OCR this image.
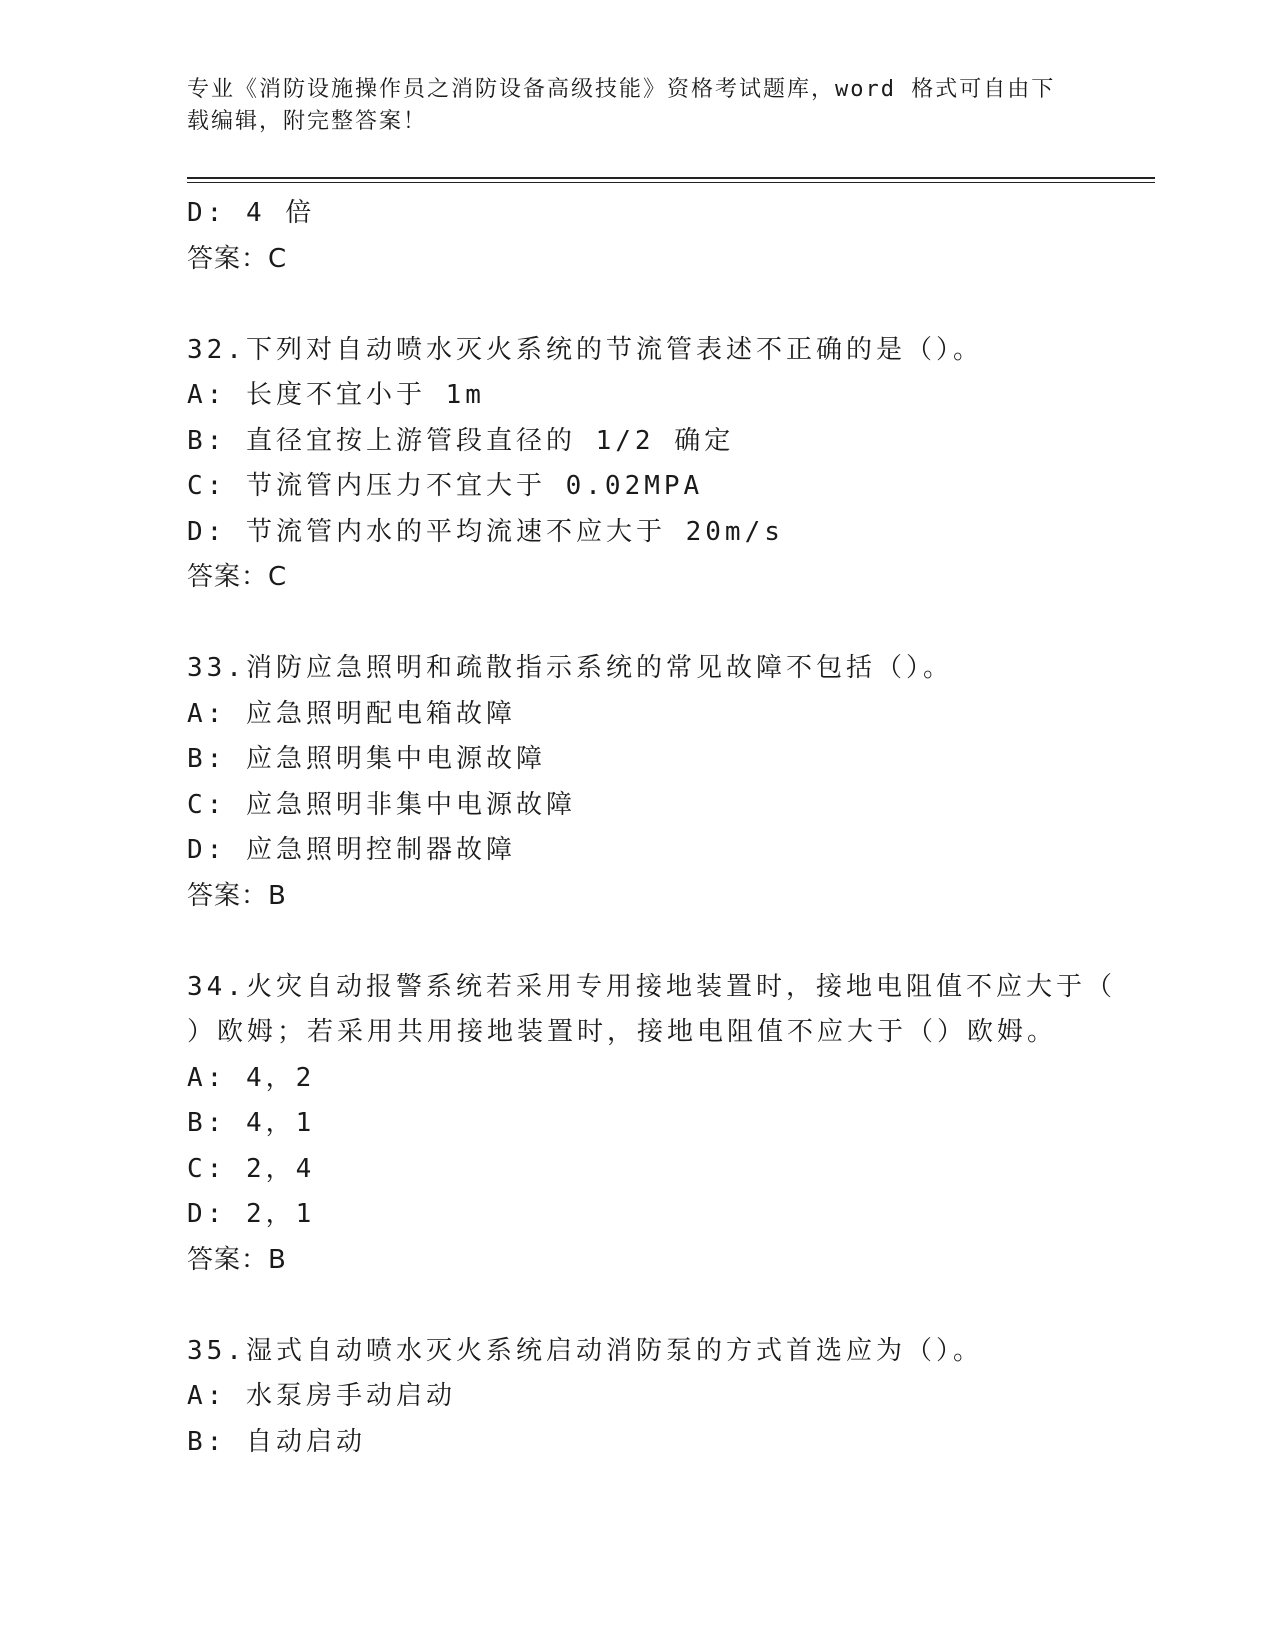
专业《消防设施操作员之消防设备高级技能》资格考试题库，word 格式可自由下
载编辑，附完整答案！
D: 4 倍
答案：C
32.下列对自动喷水灭火系统的节流管表述不正确的是（）。
A: 长度不宜小于 1m
B: 直径宜按上游管段直径的 1/2 确定
C: 节流管内压力不宜大于 0.02MPA
D: 节流管内水的平均流速不应大于 20m/s
答案：C
33.消防应急照明和疏散指示系统的常见故障不包括（）。
A: 应急照明配电箱故障
B: 应急照明集中电源故障
C: 应急照明非集中电源故障
D: 应急照明控制器故障
答案：B
34.火灾自动报警系统若采用专用接地装置时，接地电阻值不应大于（
）欧姆；若采用共用接地装置时，接地电阻值不应大于（）欧姆。
A: 4，2
B: 4，1
C: 2，4
D: 2，1
答案：B
35.湿式自动喷水灭火系统启动消防泵的方式首选应为（）。
A: 水泵房手动启动
B: 自动启动
